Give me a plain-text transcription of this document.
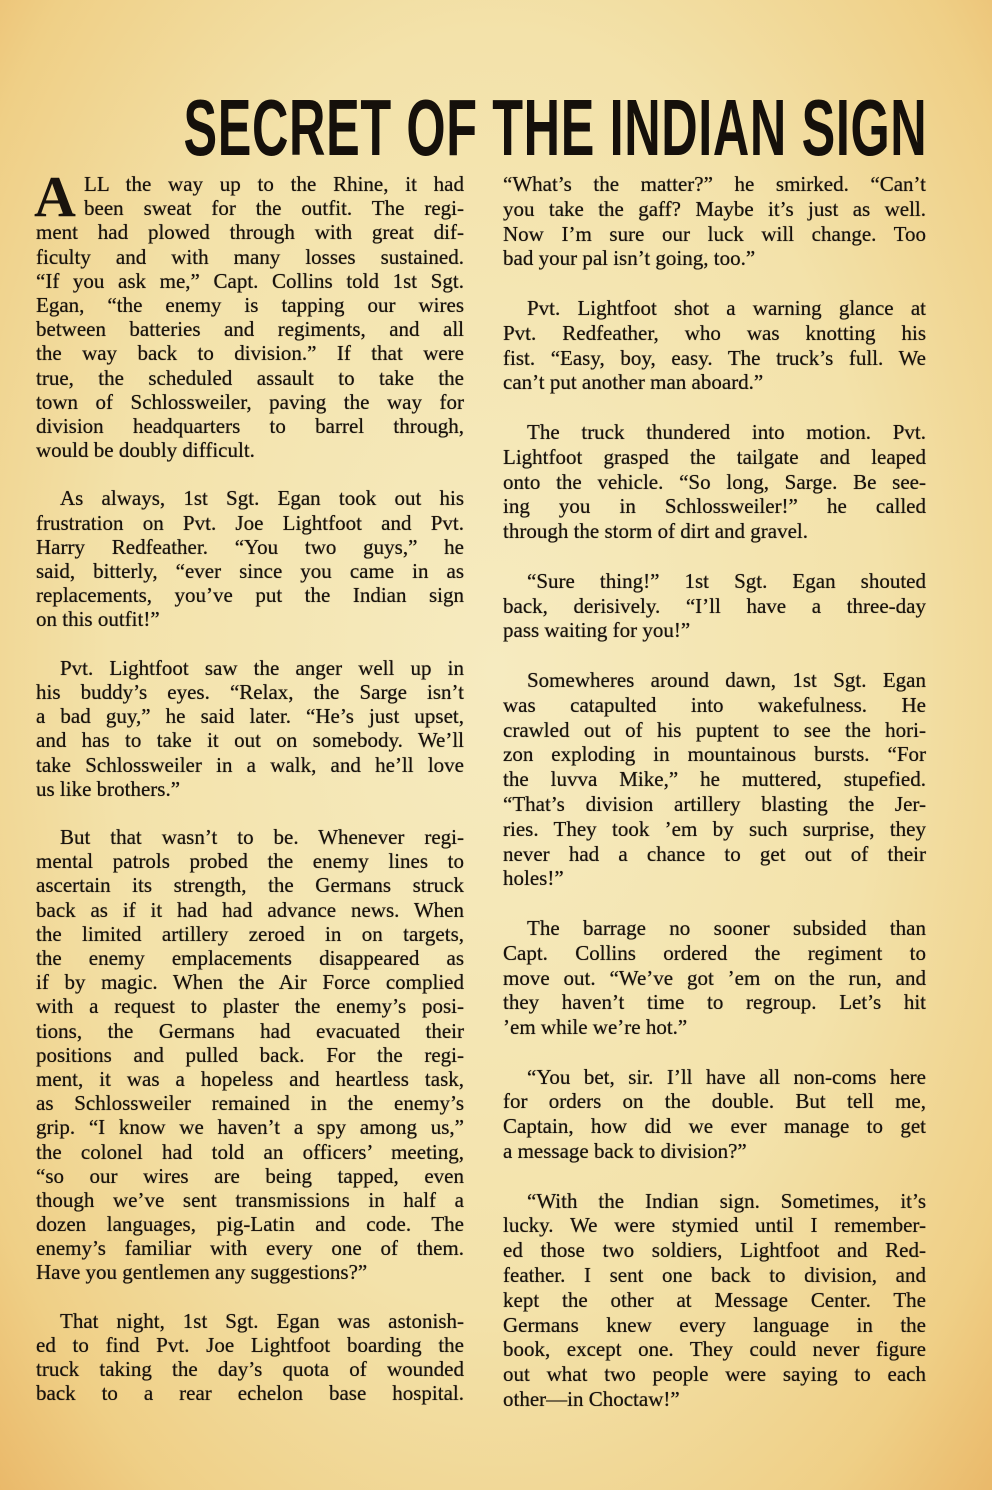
SECRET OF THE INDIAN SIGN
A LL the way up to the Rhine, it had
been sweat for the outfit. The regi-
ment had plowed through with great dif-
ficulty and with many losses sustained.
“If you ask me,” Capt. Collins told 1st Sgt.
Egan, “the enemy is tapping our wires
between batteries and regiments, and all
the way back to division.” If that were
true, the scheduled assault to take the
town of Schlossweiler, paving the way for
division headquarters to barrel through,
would be doubly difficult.
As always, 1st Sgt. Egan took out his
frustration on Pvt. Joe Lightfoot and Pvt.
Harry Redfeather. “You two guys,” he
said, bitterly, “ever since you came in as
replacements, you’ve put the Indian sign
on this outfit!”
Pvt. Lightfoot saw the anger well up in
his buddy’s eyes. “Relax, the Sarge isn’t
a bad guy,” he said later. “He’s just upset,
and has to take it out on somebody. We’ll
take Schlossweiler in a walk, and he’ll love
us like brothers.”
But that wasn’t to be. Whenever regi-
mental patrols probed the enemy lines to
ascertain its strength, the Germans struck
back as if it had had advance news. When
the limited artillery zeroed in on targets,
the enemy emplacements disappeared as
if by magic. When the Air Force complied
with a request to plaster the enemy’s posi-
tions, the Germans had evacuated their
positions and pulled back. For the regi-
ment, it was a hopeless and heartless task,
as Schlossweiler remained in the enemy’s
grip. “I know we haven’t a spy among us,”
the colonel had told an officers’ meeting,
“so our wires are being tapped, even
though we’ve sent transmissions in half a
dozen languages, pig-Latin and code. The
enemy’s familiar with every one of them.
Have you gentlemen any suggestions?”
That night, 1st Sgt. Egan was astonish-
ed to find Pvt. Joe Lightfoot boarding the
truck taking the day’s quota of wounded
back to a rear echelon base hospital.
“What’s the matter?” he smirked. “Can’t
you take the gaff? Maybe it’s just as well.
Now I’m sure our luck will change. Too
bad your pal isn’t going, too.”
Pvt. Lightfoot shot a warning glance at
Pvt. Redfeather, who was knotting his
fist. “Easy, boy, easy. The truck’s full. We
can’t put another man aboard.”
The truck thundered into motion. Pvt.
Lightfoot grasped the tailgate and leaped
onto the vehicle. “So long, Sarge. Be see-
ing you in Schlossweiler!” he called
through the storm of dirt and gravel.
“Sure thing!” 1st Sgt. Egan shouted
back, derisively. “I’ll have a three-day
pass waiting for you!”
Somewheres around dawn, 1st Sgt. Egan
was catapulted into wakefulness. He
crawled out of his puptent to see the hori-
zon exploding in mountainous bursts. “For
the luvva Mike,” he muttered, stupefied.
“That’s division artillery blasting the Jer-
ries. They took ’em by such surprise, they
never had a chance to get out of their
holes!”
The barrage no sooner subsided than
Capt. Collins ordered the regiment to
move out. “We’ve got ’em on the run, and
they haven’t time to regroup. Let’s hit
’em while we’re hot.”
“You bet, sir. I’ll have all non-coms here
for orders on the double. But tell me,
Captain, how did we ever manage to get
a message back to division?”
“With the Indian sign. Sometimes, it’s
lucky. We were stymied until I remember-
ed those two soldiers, Lightfoot and Red-
feather. I sent one back to division, and
kept the other at Message Center. The
Germans knew every language in the
book, except one. They could never figure
out what two people were saying to each
other—in Choctaw!”
